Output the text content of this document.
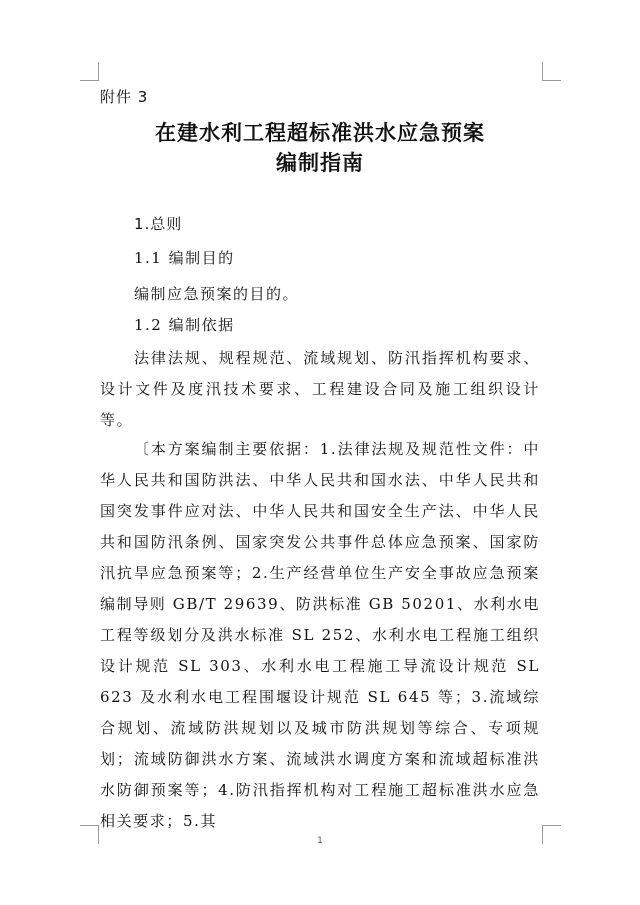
附件 3
在建水利工程超标准洪水应急预案
编制指南
1.总则
1.1 编制目的
编制应急预案的目的。
1.2 编制依据

法律法规、规程规范、流域规划、防汛指挥机构要求、设计文件及度汛技术要求、工程建设合同及施工组织设计等。

〔本方案编制主要依据：1.法律法规及规范性文件：中华人民共和国防洪法、中华人民共和国水法、中华人民共和国突发事件应对法、中华人民共和国安全生产法、中华人民共和国防汛条例、国家突发公共事件总体应急预案、国家防汛抗旱应急预案等；2.生产经营单位生产安全事故应急预案编制导则 GB/T 29639、防洪标准 GB 50201、水利水电工程等级划分及洪水标准 SL 252、水利水电工程施工组织设计规范 SL 303、水利水电工程施工导流设计规范 SL 623 及水利水电工程围堰设计规范 SL 645 等；3.流域综合规划、流域防洪规划以及城市防洪规划等综合、专项规划；流域防御洪水方案、流域洪水调度方案和流域超标准洪水防御预案等；4.防汛指挥机构对工程施工超标准洪水应急相关要求；5.其

1
